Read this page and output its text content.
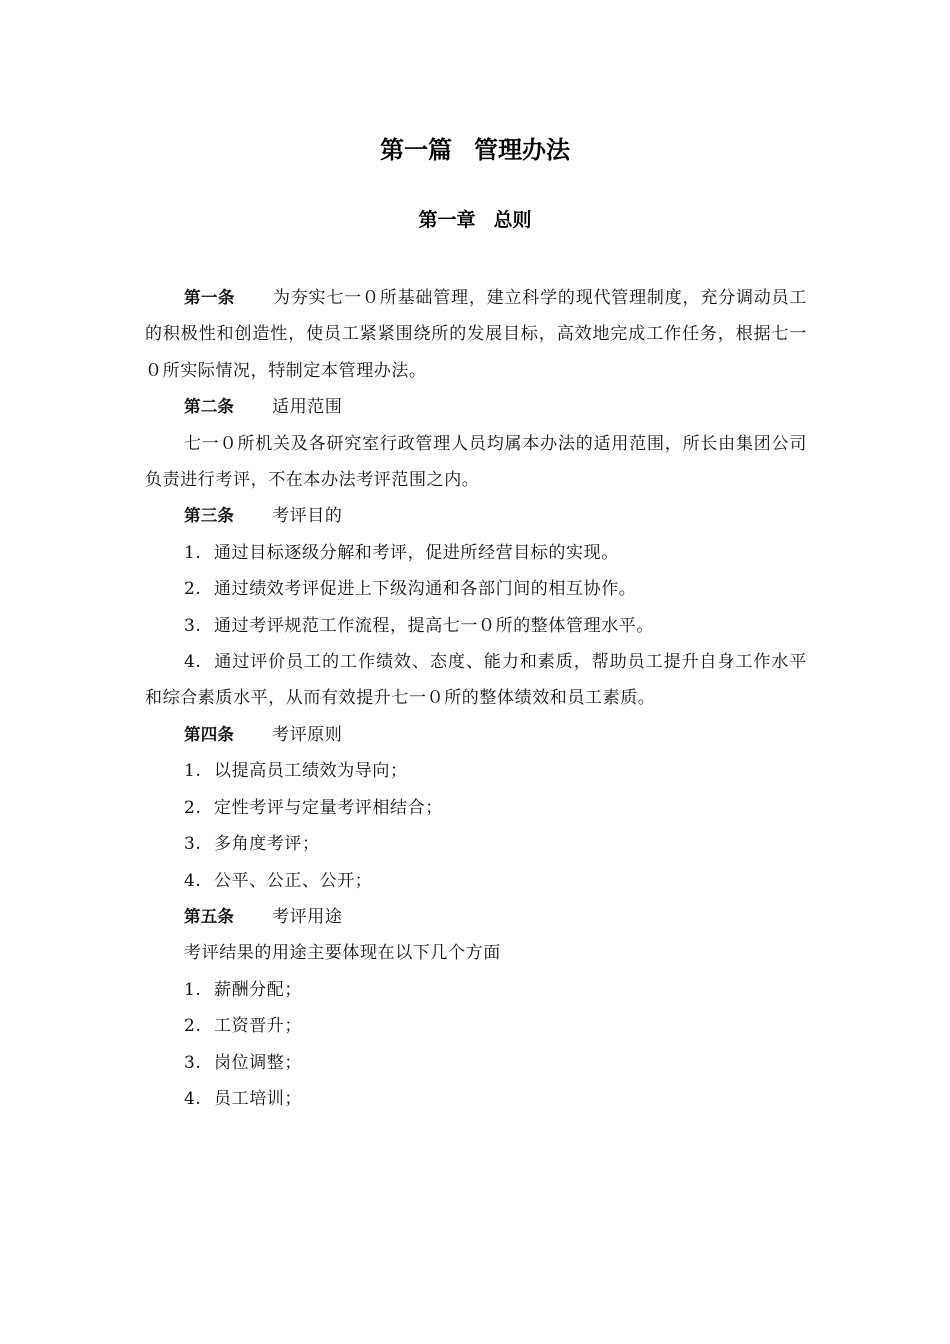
第一篇 管理办法
第一章 总则

第一条 为夯实七一０所基础管理，建立科学的现代管理制度，充分调动员工的积极性和创造性，使员工紧紧围绕所的发展目标，高效地完成工作任务，根据七一０所实际情况，特制定本管理办法。

第二条 适用范围

七一０所机关及各研究室行政管理人员均属本办法的适用范围，所长由集团公司负责进行考评，不在本办法考评范围之内。

第三条 考评目的

1. 通过目标逐级分解和考评，促进所经营目标的实现。

2. 通过绩效考评促进上下级沟通和各部门间的相互协作。

3. 通过考评规范工作流程，提高七一０所的整体管理水平。

4. 通过评价员工的工作绩效、态度、能力和素质，帮助员工提升自身工作水平和综合素质水平，从而有效提升七一０所的整体绩效和员工素质。

第四条 考评原则

1. 以提高员工绩效为导向；

2. 定性考评与定量考评相结合；

3. 多角度考评；

4. 公平、公正、公开；

第五条 考评用途

考评结果的用途主要体现在以下几个方面

1. 薪酬分配；

2. 工资晋升；

3. 岗位调整；

4. 员工培训；
